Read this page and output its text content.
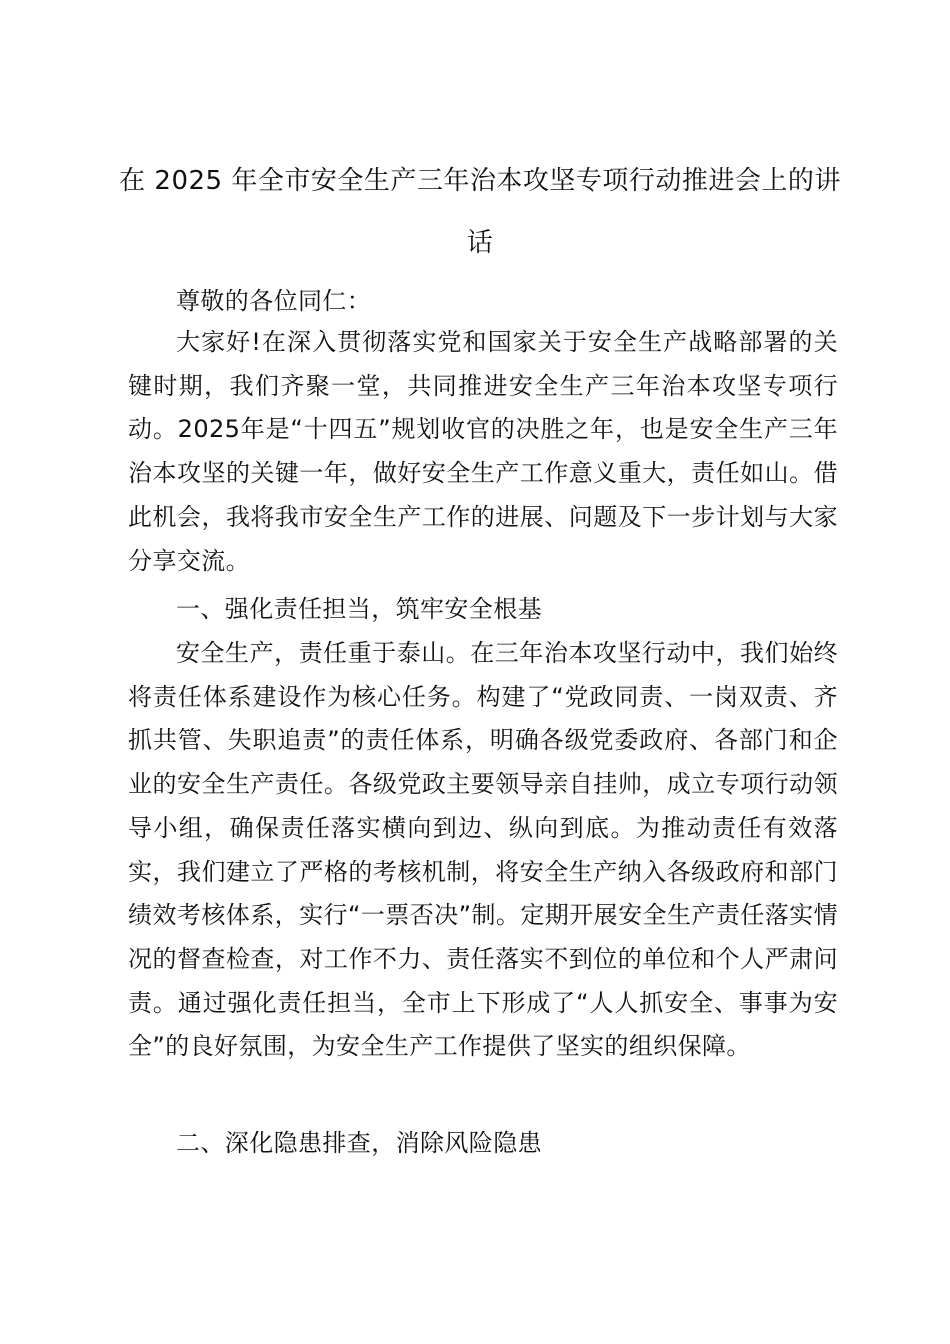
在 2025 年全市安全生产三年治本攻坚专项行动推进会上的讲话

尊敬的各位同仁：

大家好!在深入贯彻落实党和国家关于安全生产战略部署的关键时期，我们齐聚一堂，共同推进安全生产三年治本攻坚专项行动。2025年是“十四五”规划收官的决胜之年，也是安全生产三年治本攻坚的关键一年，做好安全生产工作意义重大，责任如山。借此机会，我将我市安全生产工作的进展、问题及下一步计划与大家分享交流。

一、强化责任担当，筑牢安全根基

安全生产，责任重于泰山。在三年治本攻坚行动中，我们始终将责任体系建设作为核心任务。构建了“党政同责、一岗双责、齐抓共管、失职追责”的责任体系，明确各级党委政府、各部门和企业的安全生产责任。各级党政主要领导亲自挂帅，成立专项行动领导小组，确保责任落实横向到边、纵向到底。为推动责任有效落实，我们建立了严格的考核机制，将安全生产纳入各级政府和部门绩效考核体系，实行“一票否决”制。定期开展安全生产责任落实情况的督查检查，对工作不力、责任落实不到位的单位和个人严肃问责。通过强化责任担当，全市上下形成了“人人抓安全、事事为安全”的良好氛围，为安全生产工作提供了坚实的组织保障。

二、深化隐患排查，消除风险隐患
